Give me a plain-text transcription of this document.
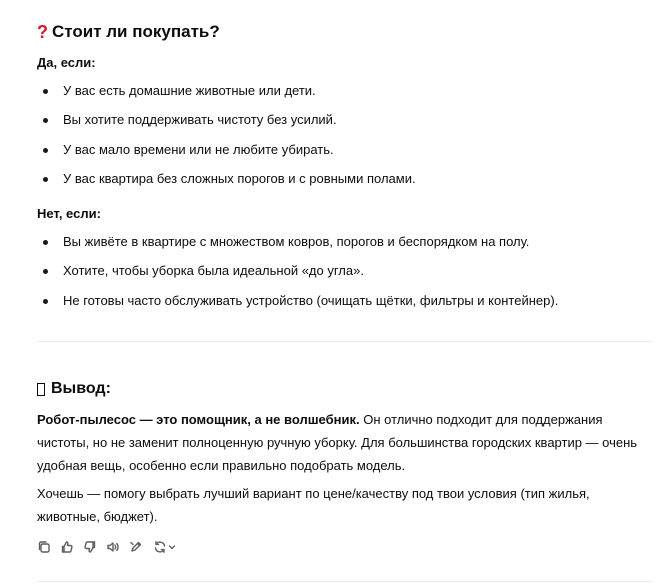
? Стоит ли покупать?

Да, если:

У вас есть домашние животные или дети.
Вы хотите поддерживать чистоту без усилий.
У вас мало времени или не любите убирать.
У вас квартира без сложных порогов и с ровными полами.

Нет, если:

Вы живёте в квартире с множеством ковров, порогов и беспорядком на полу.
Хотите, чтобы уборка была идеальной «до угла».
Не готовы часто обслуживать устройство (очищать щётки, фильтры и контейнер).
Вывод:

Робот-пылесос — это помощник, а не волшебник. Он отлично подходит для поддержания чистоты, но не заменит полноценную ручную уборку. Для большинства городских квартир — очень удобная вещь, особенно если правильно подобрать модель.

Хочешь — помогу выбрать лучший вариант по цене/качеству под твои условия (тип жилья, животные, бюджет).
